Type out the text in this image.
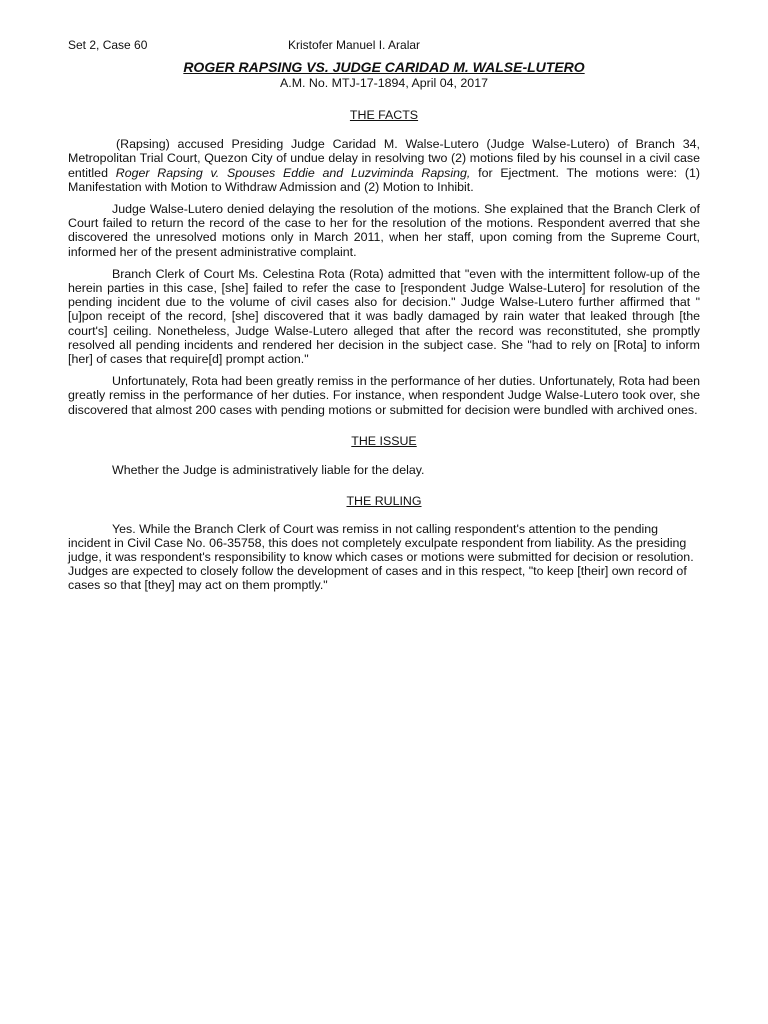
Set 2, Case 60	Kristofer Manuel I. Aralar
ROGER RAPSING VS. JUDGE CARIDAD M. WALSE-LUTERO
A.M. No. MTJ-17-1894, April 04, 2017
THE FACTS

(Rapsing) accused Presiding Judge Caridad M. Walse-Lutero (Judge Walse-Lutero) of Branch 34, Metropolitan Trial Court, Quezon City of undue delay in resolving two (2) motions filed by his counsel in a civil case entitled Roger Rapsing v. Spouses Eddie and Luzviminda Rapsing, for Ejectment. The motions were: (1) Manifestation with Motion to Withdraw Admission and (2) Motion to Inhibit.

Judge Walse-Lutero denied delaying the resolution of the motions. She explained that the Branch Clerk of Court failed to return the record of the case to her for the resolution of the motions. Respondent averred that she discovered the unresolved motions only in March 2011, when her staff, upon coming from the Supreme Court, informed her of the present administrative complaint.

Branch Clerk of Court Ms. Celestina Rota (Rota) admitted that "even with the intermittent follow-up of the herein parties in this case, [she] failed to refer the case to [respondent Judge Walse-Lutero] for resolution of the pending incident due to the volume of civil cases also for decision." Judge Walse-Lutero further affirmed that "[u]pon receipt of the record, [she] discovered that it was badly damaged by rain water that leaked through [the court's] ceiling. Nonetheless, Judge Walse-Lutero alleged that after the record was reconstituted, she promptly resolved all pending incidents and rendered her decision in the subject case. She "had to rely on [Rota] to inform [her] of cases that require[d] prompt action."

Unfortunately, Rota had been greatly remiss in the performance of her duties. Unfortunately, Rota had been greatly remiss in the performance of her duties. For instance, when respondent Judge Walse-Lutero took over, she discovered that almost 200 cases with pending motions or submitted for decision were bundled with archived ones.

THE ISSUE

Whether the Judge is administratively liable for the delay.

THE RULING

Yes. While the Branch Clerk of Court was remiss in not calling respondent's attention to the pending incident in Civil Case No. 06-35758, this does not completely exculpate respondent from liability. As the presiding judge, it was respondent's responsibility to know which cases or motions were submitted for decision or resolution. Judges are expected to closely follow the development of cases and in this respect, "to keep [their] own record of cases so that [they] may act on them promptly."
